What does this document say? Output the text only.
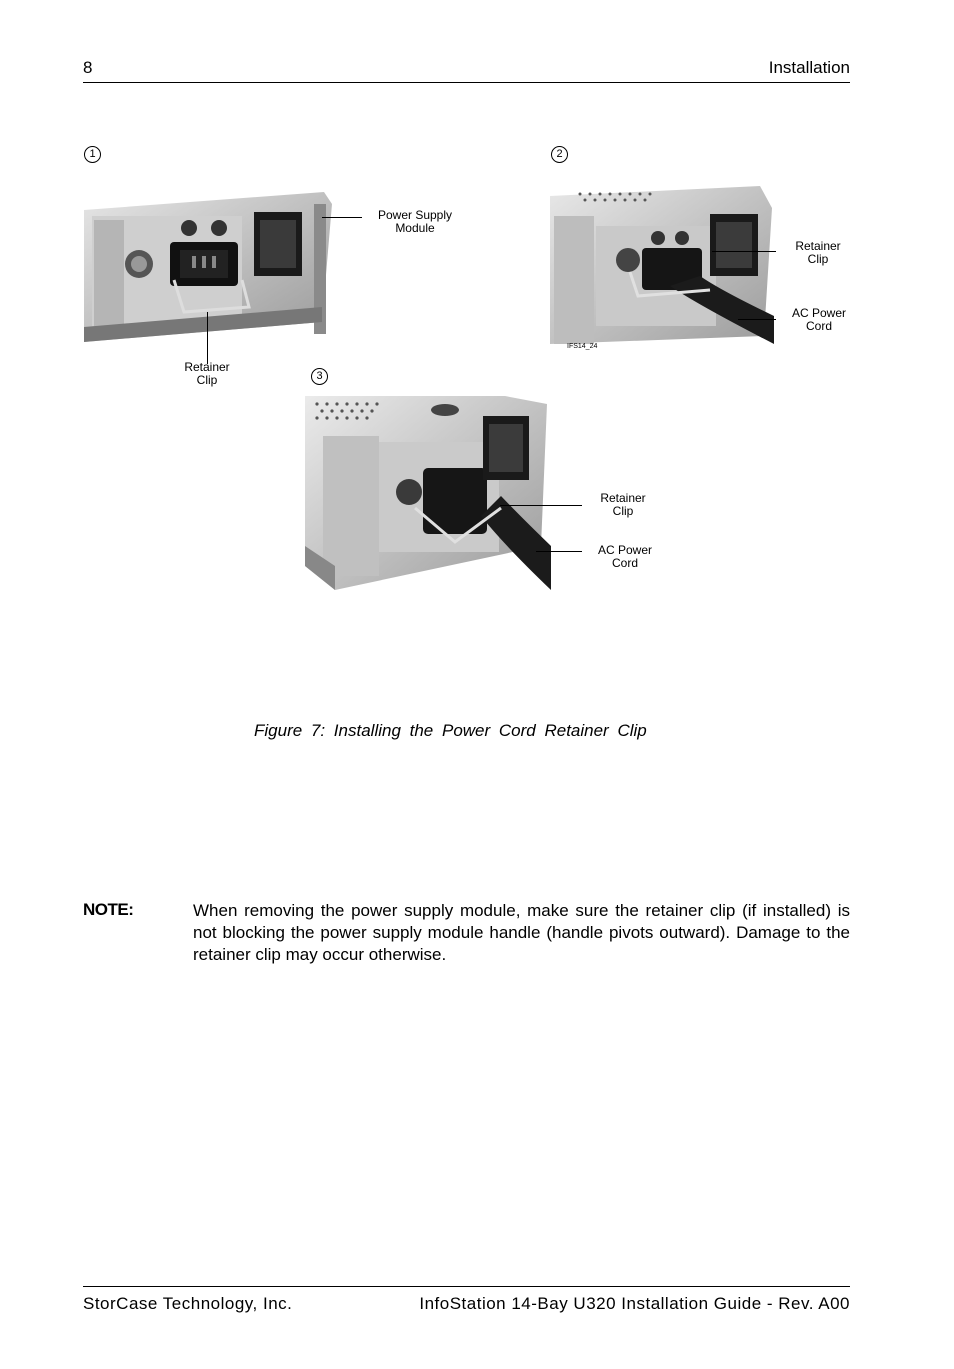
8	Installation
1
Power Supply
Module
Retainer
Clip
2
Retainer
Clip
AC Power
Cord
IFS14_24
3
Retainer
Clip
AC Power
Cord
Figure 7: Installing the Power Cord Retainer Clip
NOTE:	When removing the power supply module, make sure the retainer clip (if installed) is not blocking the power supply module handle (handle pivots outward). Damage to the retainer clip may occur otherwise.
StorCase Technology, Inc.	InfoStation 14-Bay U320 Installation Guide - Rev. A00
